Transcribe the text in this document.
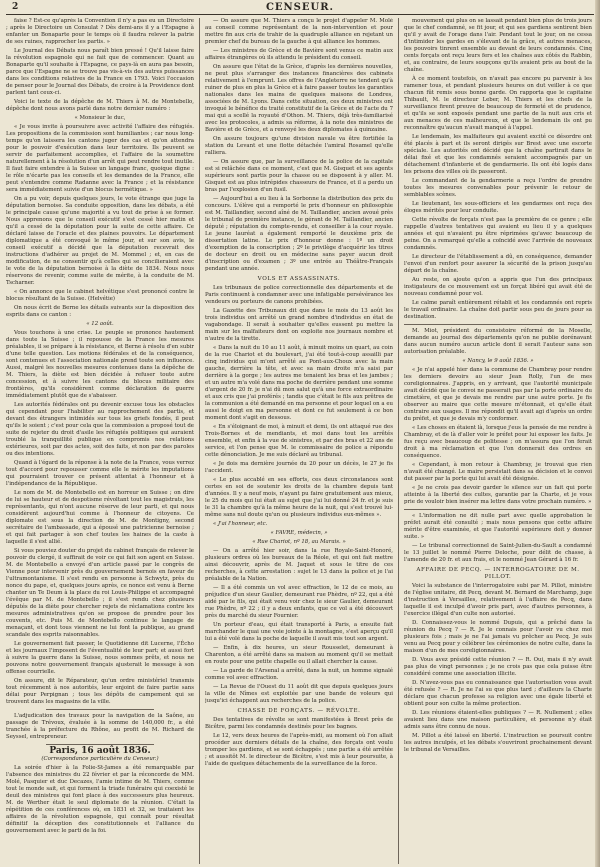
2	CENSEUR.

faise ? Est-ce qu'après la Convention il n'y a pas eu un Directoire ; après le Directoire un Consulat ? Dès demi-ans il y a l'Espagne à enfanter un Bonaparte pour le temps où il faudra relever la patrie de ses ruines, rapprocher les partis. »

Le Journal des Débats nous paraît bien pressé ! Qu'il laisse faire la révolution espagnole qui ne fait que de commencer. Quant au Bonaparte qu'il souhaite à l'Espagne, ce pays-là en aura pas besoin, parce que l'Espagne ne se trouve pas vis-à-vis des autres puissances dans les conditions relatives de la France en 1793. Voici l'occasion de penser pour le Journal des Débats, de croire à la Providence dont parlent tant ceux-ci.

Voici le texte de la dépêche de M. Thiers à M. de Montebello, dépêche dont nous avons parlé dans notre dernier numéro :

« Monsieur le duc,

« Je vous invite à poursuivre avec activité l'affaire des réfugiés. Les propositions de la commission sont humiliantes ; car nous long-temps qu'on laissera les cantons juger des cas et qu'on attendra pour le pouvoir d'exécution dans leur territoire. Ils peuvent se servir de parfaitement accomplies, et l'affaire de la soumettre naturellement à la résolution d'un arrêt qui peut rendre tout inutile. Il faut faire entendre à la Suisse un langage franc, quoique digne : le rôle n'écarte pas les conseils et les demandes de la France, elle peut s'entendre comme Radanne avec la France ; et la résistance sera immédiatement suivie d'un blocus hermétique. »

On a pu voir, depuis quelques jours, le vote étrange que juge la députation bernoise. Sa conduite opposition, dans les débats, a été le principale cause qu'une majorité a vu tout de prise à se former. Nous apprenons que le conseil exécutif s'est cessé hier matin et qu'il a cessé de la députation pour la suite de cette affaire. Ce déclaré laisse de l'oracle et des plaines pouvoirs. Le département diplomatique a été convoqué le même jour, et sur son avis, le conseil exécutif a décidé que la députation recevrait des instructions d'adhérer au projet de M. Mommel ; et, en cas de modification, de ne consentir qu'à celles qui se concilieraient avec le vote de la députation bernoise à la diète de 1834. Nous nous réservons de revenir, comme suite de mérite, à la conduite de M. Tscharner.

« On annonce que le cabinet helvétique s'est prononcé contre le blocus résultant de la Suisse. (Helvétie)

On nous écrit de Berne les détails suivants sur la disposition des esprits dans ce canton :

« 12 août.

Vous touchons à une crise. Le peuple se prononce hautement dans toute la Suisse ; il repousse de la France les mesures préalables, il se prépare à la résistance, et Berne à résolu d'en subir d'une telle question. Les motions fédérales et de la conséquence, sont contenues et l'association nationale prend toute son influence. Aussi, malgré les nouvelles mesures contenues dans la dépêche de M. Thiers, la diète est bien décidée à refuser toute autre concession, et à suivre les cantons du blocus militaire des frontières, qu'ils considèrent comme déclaration de guerre immédiatement plutôt que de s'abaisser.

Les autorités fédérales ont pu devenir excuse tous les obstacles qui cependant pour l'habiliter au rapprochement des partis, et devant des étrangers intimidés sur tous les griefs fondés, il peut qu'ils le soient ; c'est pour cela que la commission a proposé tout de suite de rejeter du droit d'asile les réfugiés politiques qui auraient troublé la tranquillité publique en compromis nos relations extérieures, soit par des actes, soit des faits, et non par des paroles ou des intentions.

Quand à l'égard de la réponse à la note de la France, vous verrez tout d'accord pour repousser comme elle le mérite les imputations qui pourraient trouver ce présent attentat à l'honneur et à l'indépendance de la République.

Le nom de M. de Montebello est en horreur en Suisse ; on dire de lui se hauteur et de despotisme révoltant tout les magistrats, les représentants, qui n'ont aucune réserve de leur parti, et qui nous considèrent aujourd'hui comme à l'honneur de citoyens. Ce diplomate est sous la direction de M. de Montigny, second secrétaire de l'ambassade, qui a épousé une patricienne bernoise ; et qui fait partager à son chef toutes les haines de la caste à laquelle il s'est allié.

Si vous pouviez douter du projet du cabinet français de relever le pouvoir du clergé, il suffirait de voir ce qui fait son agent en Suisse. M. de Montebello a envoyé d'un article passé par le congrès de Vienne pour intervenir près du gouvernement bernois en faveur de l'ultramontanisme. Il s'est rendu en personne à Schwytz, près du nonce du pape, et, quelques jours après, ce nonce est venu à Berne chanter un Te Deum à la place du roi Louis-Philippe et accompagné l'évêque par M. de Montebello ; il s'est rendu chez plusieurs députés de la diète pour chercher rejets de réclamations contre les mesures administratives qu'on se propose de prendre pour les couvents, etc. Puis M. de Montebello continue le langage de menaçant, et dont tous viennent ne lui font la publique, au grand scandale des esprits raisonnables.

Le gouvernement fait passer, le Quotidienne dit Lucerne, l'Écho et les journaux l'imposent de l'éventualité de leur part; et aussi fort à suivre la guerre dans la Suisse, nous sommes prêts, et nous ne pouvons notre gouvernement français ajusterait le message à son offense courrielle.

On assure, dit le Réparateur, qu'un ordre ministériel transmis tout récemment à nos autorités, leur enjoint de faire partie sans délai pour Perpignan ; tous les dépôts de campement qui se trouvent dans les magasins de la ville.

L'adjudication des travaux pour la navigation de la Saône, au passage de Trévoux, évaluée à la somme de 140,000 fr., a été tranchée à la préfecture du Rhône, au profit de M. Richard de Seyssel, entrepreneur.

Paris, 16 août 1836.

(Correspondance particulière du Censeur.)

La soirée d'hier à la Folie-St-James a été remarquable par l'absence des ministres du 22 février et par la réconcorde de MM. Molé, Pasquier et duc Decazes, l'amie intime de M. Thiers, comme tout le monde sait, et qui forment la triade funéraire qui coexisté le deuil des ministres qui font place à des successeurs plus heureux. M. de Werther était le seul diplomate de la réunion. C'était la répétition de ces conférences où, en 1831 et 32, se traitaient les affaires de la révolution espagnole, qui connaît pour résultat définitif la déception des constitutionnels et l'alliance du gouvernement avec le parti de la foi.

— On assure que M. Thiers a conçu le projet d'appeler M. Molé au conseil comme représentant de la non-intervention et pour mettre fin aux cris de trahir de la quadruple alliance en rejetant un premier chef du bureau de la gauche à qui alliance les hommes.

— Les ministres de Grèce et de Bavière sont venus ce matin aux affaires étrangères où ils attendu le président du conseil.

On assure que l'état de la Grèce, d'après les dernières nouvelles, ne peut plus s'arranger des instances financières des cabinets relativement à l'emprunt. Les offres de l'Angleterre ne tendent qu'à ruiner de plus en plus la Grèce et à faire passer toutes les garanties nationales dans les mains de quelques maisons de Londres, associées de M. Lyons. Dans cette situation, ces deux ministres ont invoqué le bénéfice du traité constitutif de la Grèce et de l'acte du 7 mai qui a scellé la royauté d'Othon. M. Thiers, déjà très-familiarisé avec les protocoles, a admis sa réforme, à la note des ministres de Bavière et de Grèce, et a renvoyé les deux diplomates à quinzaine.

On assure toujours qu'une division navale va être fortifiée la station du Levant et une flotte détachée l'amiral Rosamel qu'elle ralliera.

— On assure que, par la surveillance de la police de la capitale est si relâchée dans ce moment, c'est que M. Gisquet et ses agents supérieurs sont partis pour la chasse ou se disposent à y aller. M. Gisquet est au plus intrépides chasseurs de France, et il a perdu un bras par l'explosion d'un fusil.

— Aujourd'hui a eu lieu à la Sorbonne la distribution des prix du concours. L'élève qui a remporté le prix d'honneur en philosophie est M. Taillandier, second aîné de M. Taillandier, ancien avoué près le tribunal de première instance, le gérant de M. Taillandier, ancien député ; réputation du compte-rendu, et conseiller à la cour royale. Le jeune lauréat a également remporté le deuxième prix de dissertation latine. Le prix d'honneur donne : 1º un droit d'exemption de la conscription ; 2º le privilège d'acquérir les titres de docteur en droit ou en médecine sans payer aucun droit d'inscription ou d'examen ; 3º une entrée au Théâtre-Français pendant une année.

VOLS ET ASSASSINATS.

Les tribunaux de police correctionnelle des départements et de Paris continuent à condamner avec une infatigable persévérance les vendeurs ou porteurs de canons prohibées.

La Gazette des Tribunaux dit que dans le mois du 13 août les trois individus ont arrêté un grand nombre d'individus en état de vagabondage. Il serait à souhaiter qu'elles eussent pu mettre la main sur les malfaiteurs dont on exploite nos journaux nombre et n'autre de la tirette.

« Dans la nuit du 10 au 11 août, à minuit moins un quart, au coin de la rue Chariot et du boulevart, j'ai été tout-à-coup assailli par cinq individus qui m'ont arrêté au Pont-aux-Choux avec la main gauche, derrière la tête, et avec sa main droite m'a saisi par derrière à la gorge ; les autres me tenaient les bras et les jambes ; et un autre m'a volé dans ma poche de derrière pendant une somme d'argent de 20 fr. je n'ai dû mon salut qu'à une force extraordinaire et aux cris que j'ai proférés ; tandis que c'était le fils aux prêtres de la communion a été demandé en ma personne et pour lequel on a eu aussi le doigt en ma personne et dont ce fut seulement à ce bon moment dont s'agit en dessous.

« En s'éloignant de moi, à minuit et demi, ils ont attaqué rue des Trois-Bornes et de mendiants, et moi dans tout les arrêtés ensemble, et enfin à la vue de sinistres, et par des bras et 22 ans de service, et l'on pense que M. le commissaire de police a répondu cette dénonciation. Je me suis déclaré au tribunal.

« Je dois ma dernière journée du 20 pour un décès, le 27 je fis l'accident.

« Le plus accablé en ses efforts, ces deux circonstances sont certes en soi de soutenir les droits de la chambre depuis tant d'années. Il y a neuf mois, n'ayant pu faire gratuitement aux mieux, le 25 du mois qui lui était au sujet que j'ai lui donné 24 fr. et je suis le 31 la chambre qu'à la même heure de la nuit, qui s'est trouvé lui-même sans nul doute qu'un ou plusieurs individus eux-mêmes ».

« J'ai l'honneur, etc.

« FAVRE, médecin, »

« Rue Chariot, nº 18, au Marais. »

— On a arrêté hier soir, dans la rue Royale-Saint-Honoré, plusieurs ordres où les bureaux de la Réole, et qui ont fait mettre ainsi découvrir, après de M. Jaquet et sous le titre de ces recherches, à cette arrestation : sujet le 13 dans la police et je l'ai préalable de la Nation.

— Il a été commis un vol avec effraction, le 12 de ce mois, au préjudice d'un sieur Gaulier, demeurant rue Phèdre, nº 22, qui a été aidé par le fils, qui était venu voir chez le sieur Gaulier, demeurant rue Phèdre, nº 22 ; il y a deux enfants, que ce vol a été découvert près du marché du sieur Fournier.

Un porteur d'eau, qui était transporté à Paris, a ensuite fait marchander le quai une voie jointe à la montagne, s'est aperçu qu'il lui a été volé dans la poche de laquelle il avait mis tout son argent.

— Enfin, à dix heures, un sieur Rousselet, demeurant à Charenton, a été arrêté dans sa maison au moment qu'il se mettait en route pour une petite chapelle ou il allait chercher la cause.

— La garde de l'Arsenal a arrêté, dans la nuit, un homme signalé comme vol avec effraction.

— La Revue de l'Ouest du 11 août dit que depuis quelques jours la ville de Nîmes est exploitée par une bande de voleurs qui jusqu'ici échappent aux recherches de la police.

CHASSE DE FORÇATS. — RÉVOLTE.

Des tentatives de révolte se sont manifestées à Brest près de Bicêtre, parmi les condamnés destinés pour les bagnes.

Le 12, vers deux heures de l'après-midi, au moment où l'on allait procéder aux derniers détails de la chaîne, des forçats ont voulu tromper les gardiens, et se sont échappés ; une partie a été arrêtée ; et aussitôt M. le directeur de Bicêtre, s'est mis à leur poursuite, à l'aide de quelques détachements de la surveillance de la force.

mouvement qui plus on se lassait pendant bien plus de trois jours que le chef condamné, se fit jour, et qui ses gardiens sentirent bien qu'il y avait de l'orage dans l'air. Pendant tout le jour, on ne cessa d'intimider les gardes en s'élevant de la grâce, et autres menaces, les pouvoirs tinrent ensemble au devant de leurs condamnés. Cinq cents forçats ont reçu leurs fers et les chaînes aux côtés du Rabbin, et, au contraire, de leurs soupçons qu'ils avaient pris au bout de la chaîne.

À ce moment toutefois, on n'avait pas encore pu parvenir à les ramener tous, et pendant plusieurs heures on dut veiller à ce que chacun fût remis sous bonne garde. On rapporta que le capitaine Thibault, M. le directeur Leber, M. Thiers et les chefs de la surveillance firent preuve de beaucoup de fermeté et de prudence, et qu'ils se sont exposés pendant une partie de la nuit aux cris et aux menaces de ces malheureux, et que le lendemain ils ont pu reconnaître qu'aucun n'avait manqué à l'appel.

Le lendemain, les malfaiteurs qui avaient excité ce désordre ont été placés à part et ils seront dirigés sur Brest avec une escorte spéciale. Les autorités ont décidé que la chaîne partirait dans le délai fixé et que les condamnés seraient accompagnés par un détachement d'infanterie et de gendarmerie. Ils ont été logés dans les prisons des villes où ils passeront.

Le commandant de la gendarmerie a reçu l'ordre de prendre toutes les mesures convenables pour prévenir le retour de semblables scènes.

Le lieutenant, les sous-officiers et les gendarmes ont reçu des éloges mérités pour leur conduite.

Cette révolte de forçats n'est pas la première de ce genre ; elle rappelle d'autres tentatives qui avaient eu lieu il y a quelques années et qui n'avaient pu être réprimées qu'avec beaucoup de peine. On a remarqué qu'elle a coïncidé avec l'arrivée de nouveaux condamnés.

Le directeur de l'établissement a dû, en conséquence, demander l'envoi d'un renfort pour assurer la sécurité de la prison jusqu'au départ de la chaîne.

Au reste, on ajoute qu'on a appris que l'un des principaux instigateurs de ce mouvement est un forçat libéré qui avait été de nouveau condamné pour vol.

Le calme paraît entièrement rétabli et les condamnés ont repris le travail ordinaire. La chaîne doit partir sous peu de jours pour sa destination.

M. Miot, président du consistoire réformé de la Moselle, demande au journal des départements qu'on ne publie dorénavant dans aucun numéro aucun article dont il serait l'auteur sans son autorisation préalable.

« Nancy, le 9 août 1836. »

« Je n'ai appelé hier dans la commune de Chambray pour rendre les derniers devoirs au sieur Jean Rolly, l'un de mes coreligionnaires. J'appris, en y arrivant, que l'autorité municipale avait décidé que le convoi ne passerait pas par la porte ordinaire du cimetière, et que je devais me rendre par une autre porte. Je fis observer au maire que cette mesure m'étonnait, et qu'elle était contraire aux usages. Il me répondit qu'il avait agi d'après un ordre du préfet, et que je devais m'y conformer.

« Les choses en étaient là, lorsque j'eus la pensée de me rendre à Chambray, et de là d'aller voir le préfet pour lui exposer les faits. Je fus reçu avec beaucoup de politesse ; on m'assura que l'on ferait droit à ma réclamation et que l'on donnerait des ordres en conséquence.

« Cependant, à mon retour à Chambray, je trouvai que rien n'avait été changé. Le maire persistait dans sa décision et le convoi dut passer par la porte qui lui avait été désignée.

« Je ne crois pas devoir garder le silence sur un fait qui porte atteinte à la liberté des cultes, garantie par la Charte, et je vous prie de vouloir bien insérer ma lettre dans votre prochain numéro. »

« L'information ne dit nulle part avec quelle approbation le préfet aurait été consulté ; mais nous pensons que cette affaire mérite d'être examinée, et que l'autorité supérieure doit y donner suite. »

— Le tribunal correctionnel de Saint-Julien-du-Sault a condamné le 13 juillet le nommé Pierre Deloche, pour délit de chasse, à l'amende de 20 fr. et aux frais, et le nommé Jean Gérard à 16 fr.

AFFAIRE DE PECQ. — INTERROGATOIRE DE M. PILLOT.

Voici la substance de l'interrogatoire subi par M. Pillot, ministre de l'église unitaire, dit Pecq, devant M. Bernard de Marchamp, juge d'instruction à Versailles, relativement à l'affaire de Pecq, dans laquelle il est inculpé d'avoir pris part, avec d'autres personnes, à l'exercice illégal d'un culte non autorisé.

D. Connaissez-vous le nommé Dupuis, qui a prêché dans la réunion du Pecq ? — R. Je le connais pour l'avoir vu chez moi plusieurs fois ; mais je ne l'ai jamais vu prêcher au Pecq. Je suis venu au Pecq pour y célébrer les cérémonies de notre culte, dans la maison d'un de mes coreligionnaires.

D. Vous avez présidé cette réunion ? — R. Oui, mais il n'y avait pas plus de vingt personnes ; je ne crois pas que cela puisse être considéré comme une association illicite.

D. N'avez-vous pas eu connaissance que l'autorisation vous avait été refusée ? — R. Je ne l'ai su que plus tard ; d'ailleurs la Charte déclare que chacun professe sa religion avec une égale liberté et obtient pour son culte la même protection.

D. Les réunions étaient-elles publiques ? — R. Nullement ; elles avaient lieu dans une maison particulière, et personne n'y était admis sans être connu de nous.

M. Pillot a été laissé en liberté. L'instruction se poursuit contre les autres inculpés, et les débats s'ouvriront prochainement devant le tribunal de Versailles.
